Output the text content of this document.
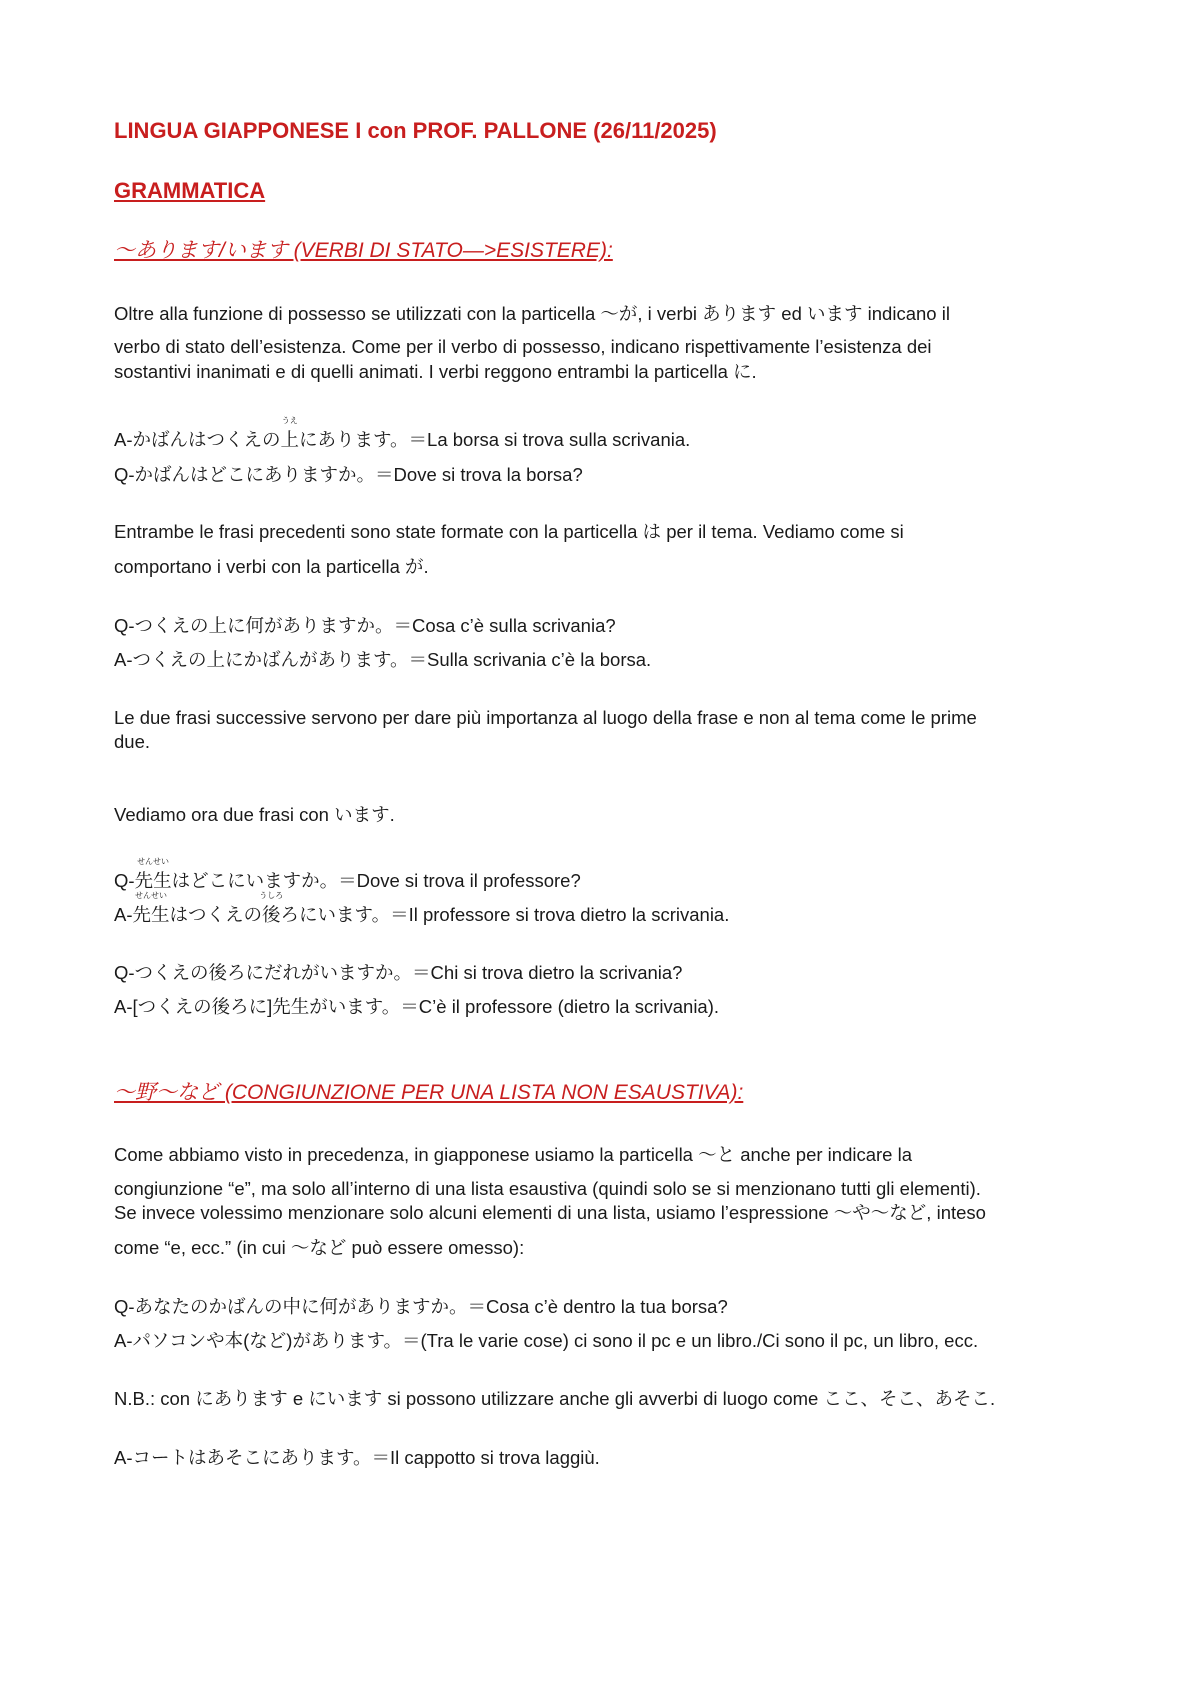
LINGUA GIAPPONESE I con PROF. PALLONE (26/11/2025)
GRAMMATICA
〜あります/います (VERBI DI STATO—>ESISTERE):
Oltre alla funzione di possesso se utilizzati con la particella 〜が, i verbi あります ed います indicano il
verbo di stato dell’esistenza. Come per il verbo di possesso, indicano rispettivamente l’esistenza dei
sostantivi inanimati e di quelli animati. I verbi reggono entrambi la particella に.
A-かばんはつくえの
うえ
上にあります。＝La borsa si trova sulla scrivania.
Q-かばんはどこにありますか。＝Dove si trova la borsa?
Entrambe le frasi precedenti sono state formate con la particella は per il tema. Vediamo come si
comportano i verbi con la particella が.
Q-つくえの上に何がありますか。＝Cosa c’è sulla scrivania?
A-つくえの上にかばんがあります。＝Sulla scrivania c’è la borsa.
Le due frasi successive servono per dare più importanza al luogo della frase e non al tema come le prime
due.
Vediamo ora due frasi con います.
Q-
せんせい
先生はどこにいますか。＝Dove si trova il professore?
A-
せんせい
先生はつくえの
うしろ
後ろにいます。＝Il professore si trova dietro la scrivania.
Q-つくえの後ろにだれがいますか。＝Chi si trova dietro la scrivania?
A-[つくえの後ろに]先生がいます。＝C’è il professore (dietro la scrivania).
〜野〜など (CONGIUNZIONE PER UNA LISTA NON ESAUSTIVA):
Come abbiamo visto in precedenza, in giapponese usiamo la particella 〜と anche per indicare la
congiunzione “e”, ma solo all’interno di una lista esaustiva (quindi solo se si menzionano tutti gli elementi).
Se invece volessimo menzionare solo alcuni elementi di una lista, usiamo l’espressione 〜や〜など, inteso
come “e, ecc.” (in cui 〜など può essere omesso):
Q-あなたのかばんの中に何がありますか。＝Cosa c’è dentro la tua borsa?
A-パソコンや本(など)があります。＝(Tra le varie cose) ci sono il pc e un libro./Ci sono il pc, un libro, ecc.
N.B.: con にあります e にいます si possono utilizzare anche gli avverbi di luogo come ここ、そこ、あそこ.
A-コートはあそこにあります。＝Il cappotto si trova laggiù.
